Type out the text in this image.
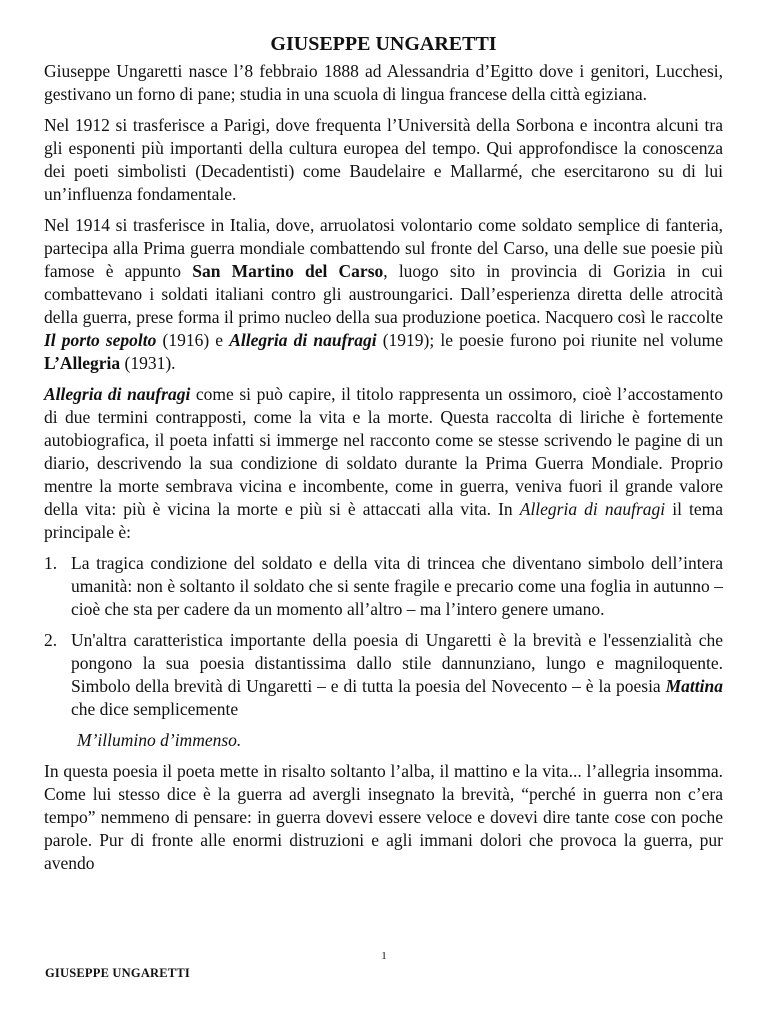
GIUSEPPE UNGARETTI

Giuseppe Ungaretti nasce l’8 febbraio 1888 ad Alessandria d’Egitto dove i genitori, Lucchesi, gestivano un forno di pane; studia in una scuola di lingua francese della città egiziana.

Nel 1912 si trasferisce a Parigi, dove frequenta l’Università della Sorbona e incontra alcuni tra gli esponenti più importanti della cultura europea del tempo. Qui approfondisce la conoscenza dei poeti simbolisti (Decadentisti) come Baudelaire e Mallarmé, che esercitarono su di lui un’influenza fondamentale.

Nel 1914 si trasferisce in Italia, dove, arruolatosi volontario come soldato semplice di fanteria, partecipa alla Prima guerra mondiale combattendo sul fronte del Carso, una delle sue poesie più famose è appunto San Martino del Carso, luogo sito in provincia di Gorizia in cui combattevano i soldati italiani contro gli austroungarici. Dall’esperienza diretta delle atrocità della guerra, prese forma il primo nucleo della sua produzione poetica. Nacquero così le raccolte Il porto sepolto (1916) e Allegria di naufragi (1919); le poesie furono poi riunite nel volume L’Allegria (1931).

Allegria di naufragi come si può capire, il titolo rappresenta un ossimoro, cioè l’accostamento di due termini contrapposti, come la vita e la morte. Questa raccolta di liriche è fortemente autobiografica, il poeta infatti si immerge nel racconto come se stesse scrivendo le pagine di un diario, descrivendo la sua condizione di soldato durante la Prima Guerra Mondiale. Proprio mentre la morte sembrava vicina e incombente, come in guerra, veniva fuori il grande valore della vita: più è vicina la morte e più si è attaccati alla vita. In Allegria di naufragi il tema principale è:

1. La tragica condizione del soldato e della vita di trincea che diventano simbolo dell’intera umanità: non è soltanto il soldato che si sente fragile e precario come una foglia in autunno – cioè che sta per cadere da un momento all’altro – ma l’intero genere umano.
2. Un'altra caratteristica importante della poesia di Ungaretti è la brevità e l'essenzialità che pongono la sua poesia distantissima dallo stile dannunziano, lungo e magniloquente. Simbolo della brevità di Ungaretti – e di tutta la poesia del Novecento – è la poesia Mattina che dice semplicemente
M’illumino d’immenso.

In questa poesia il poeta mette in risalto soltanto l’alba, il mattino e la vita... l’allegria insomma. Come lui stesso dice è la guerra ad avergli insegnato la brevità, “perché in guerra non c’era tempo” nemmeno di pensare: in guerra dovevi essere veloce e dovevi dire tante cose con poche parole. Pur di fronte alle enormi distruzioni e agli immani dolori che provoca la guerra, pur avendo

1
GIUSEPPE UNGARETTI
